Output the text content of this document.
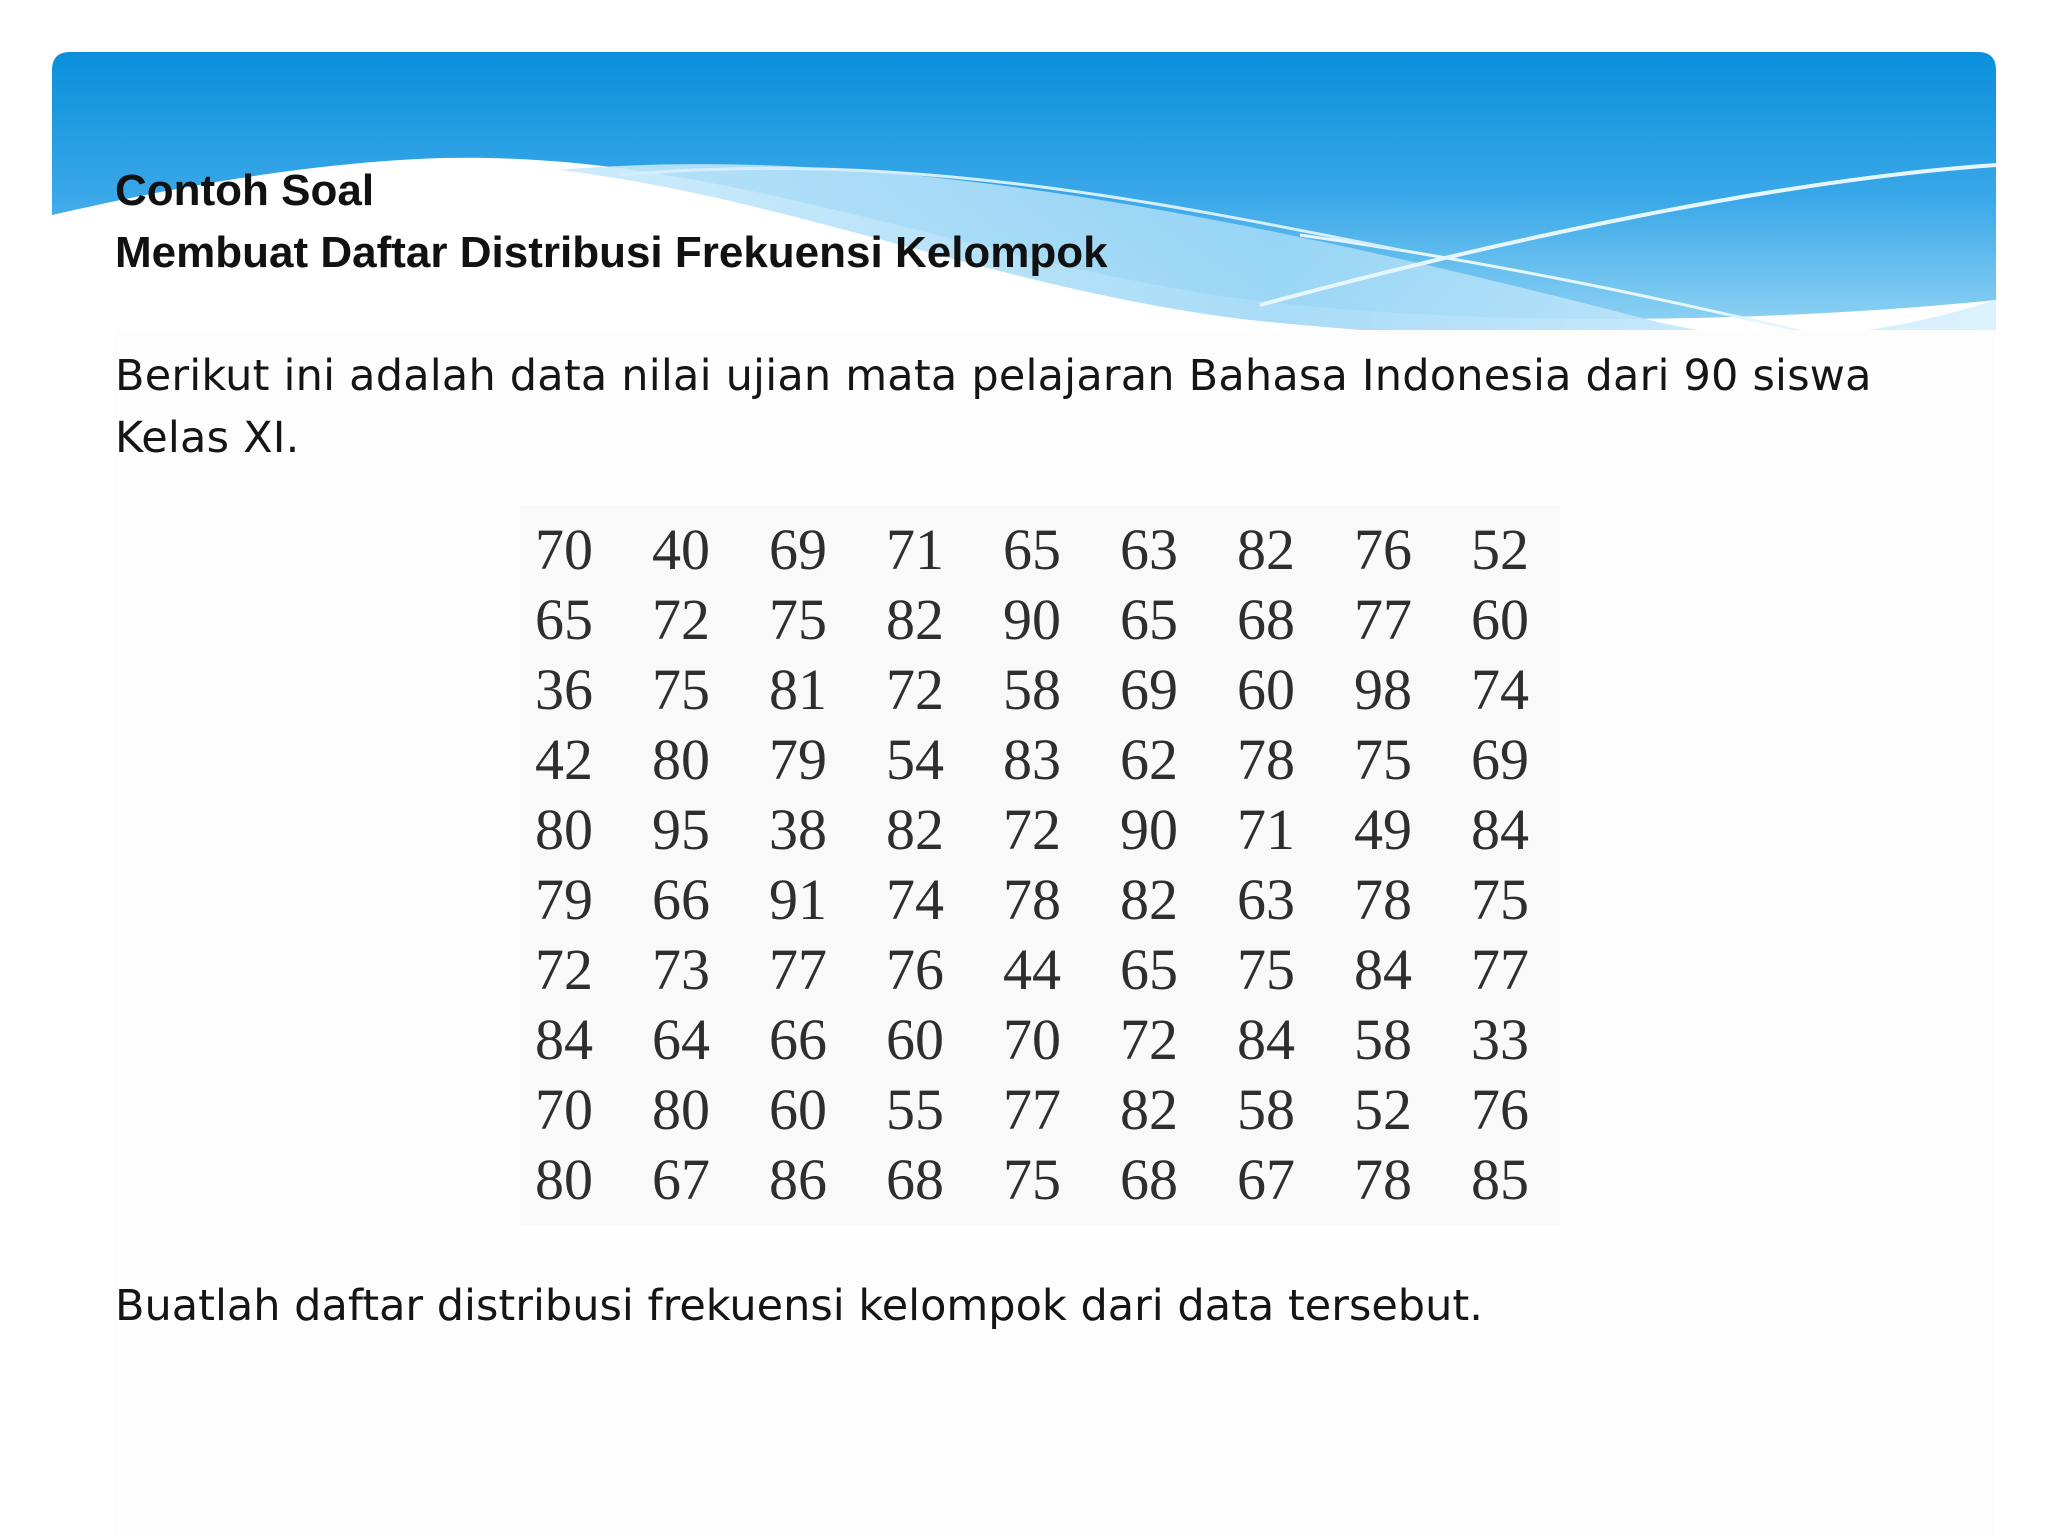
Contoh Soal
Membuat Daftar Distribusi Frekuensi Kelompok

Berikut ini adalah data nilai ujian mata pelajaran Bahasa Indonesia dari 90 siswa Kelas XI.

70	40	69	71	65	63	82	76	52
65	72	75	82	90	65	68	77	60
36	75	81	72	58	69	60	98	74
42	80	79	54	83	62	78	75	69
80	95	38	82	72	90	71	49	84
79	66	91	74	78	82	63	78	75
72	73	77	76	44	65	75	84	77
84	64	66	60	70	72	84	58	33
70	80	60	55	77	82	58	52	76
80	67	86	68	75	68	67	78	85

Buatlah daftar distribusi frekuensi kelompok dari data tersebut.
